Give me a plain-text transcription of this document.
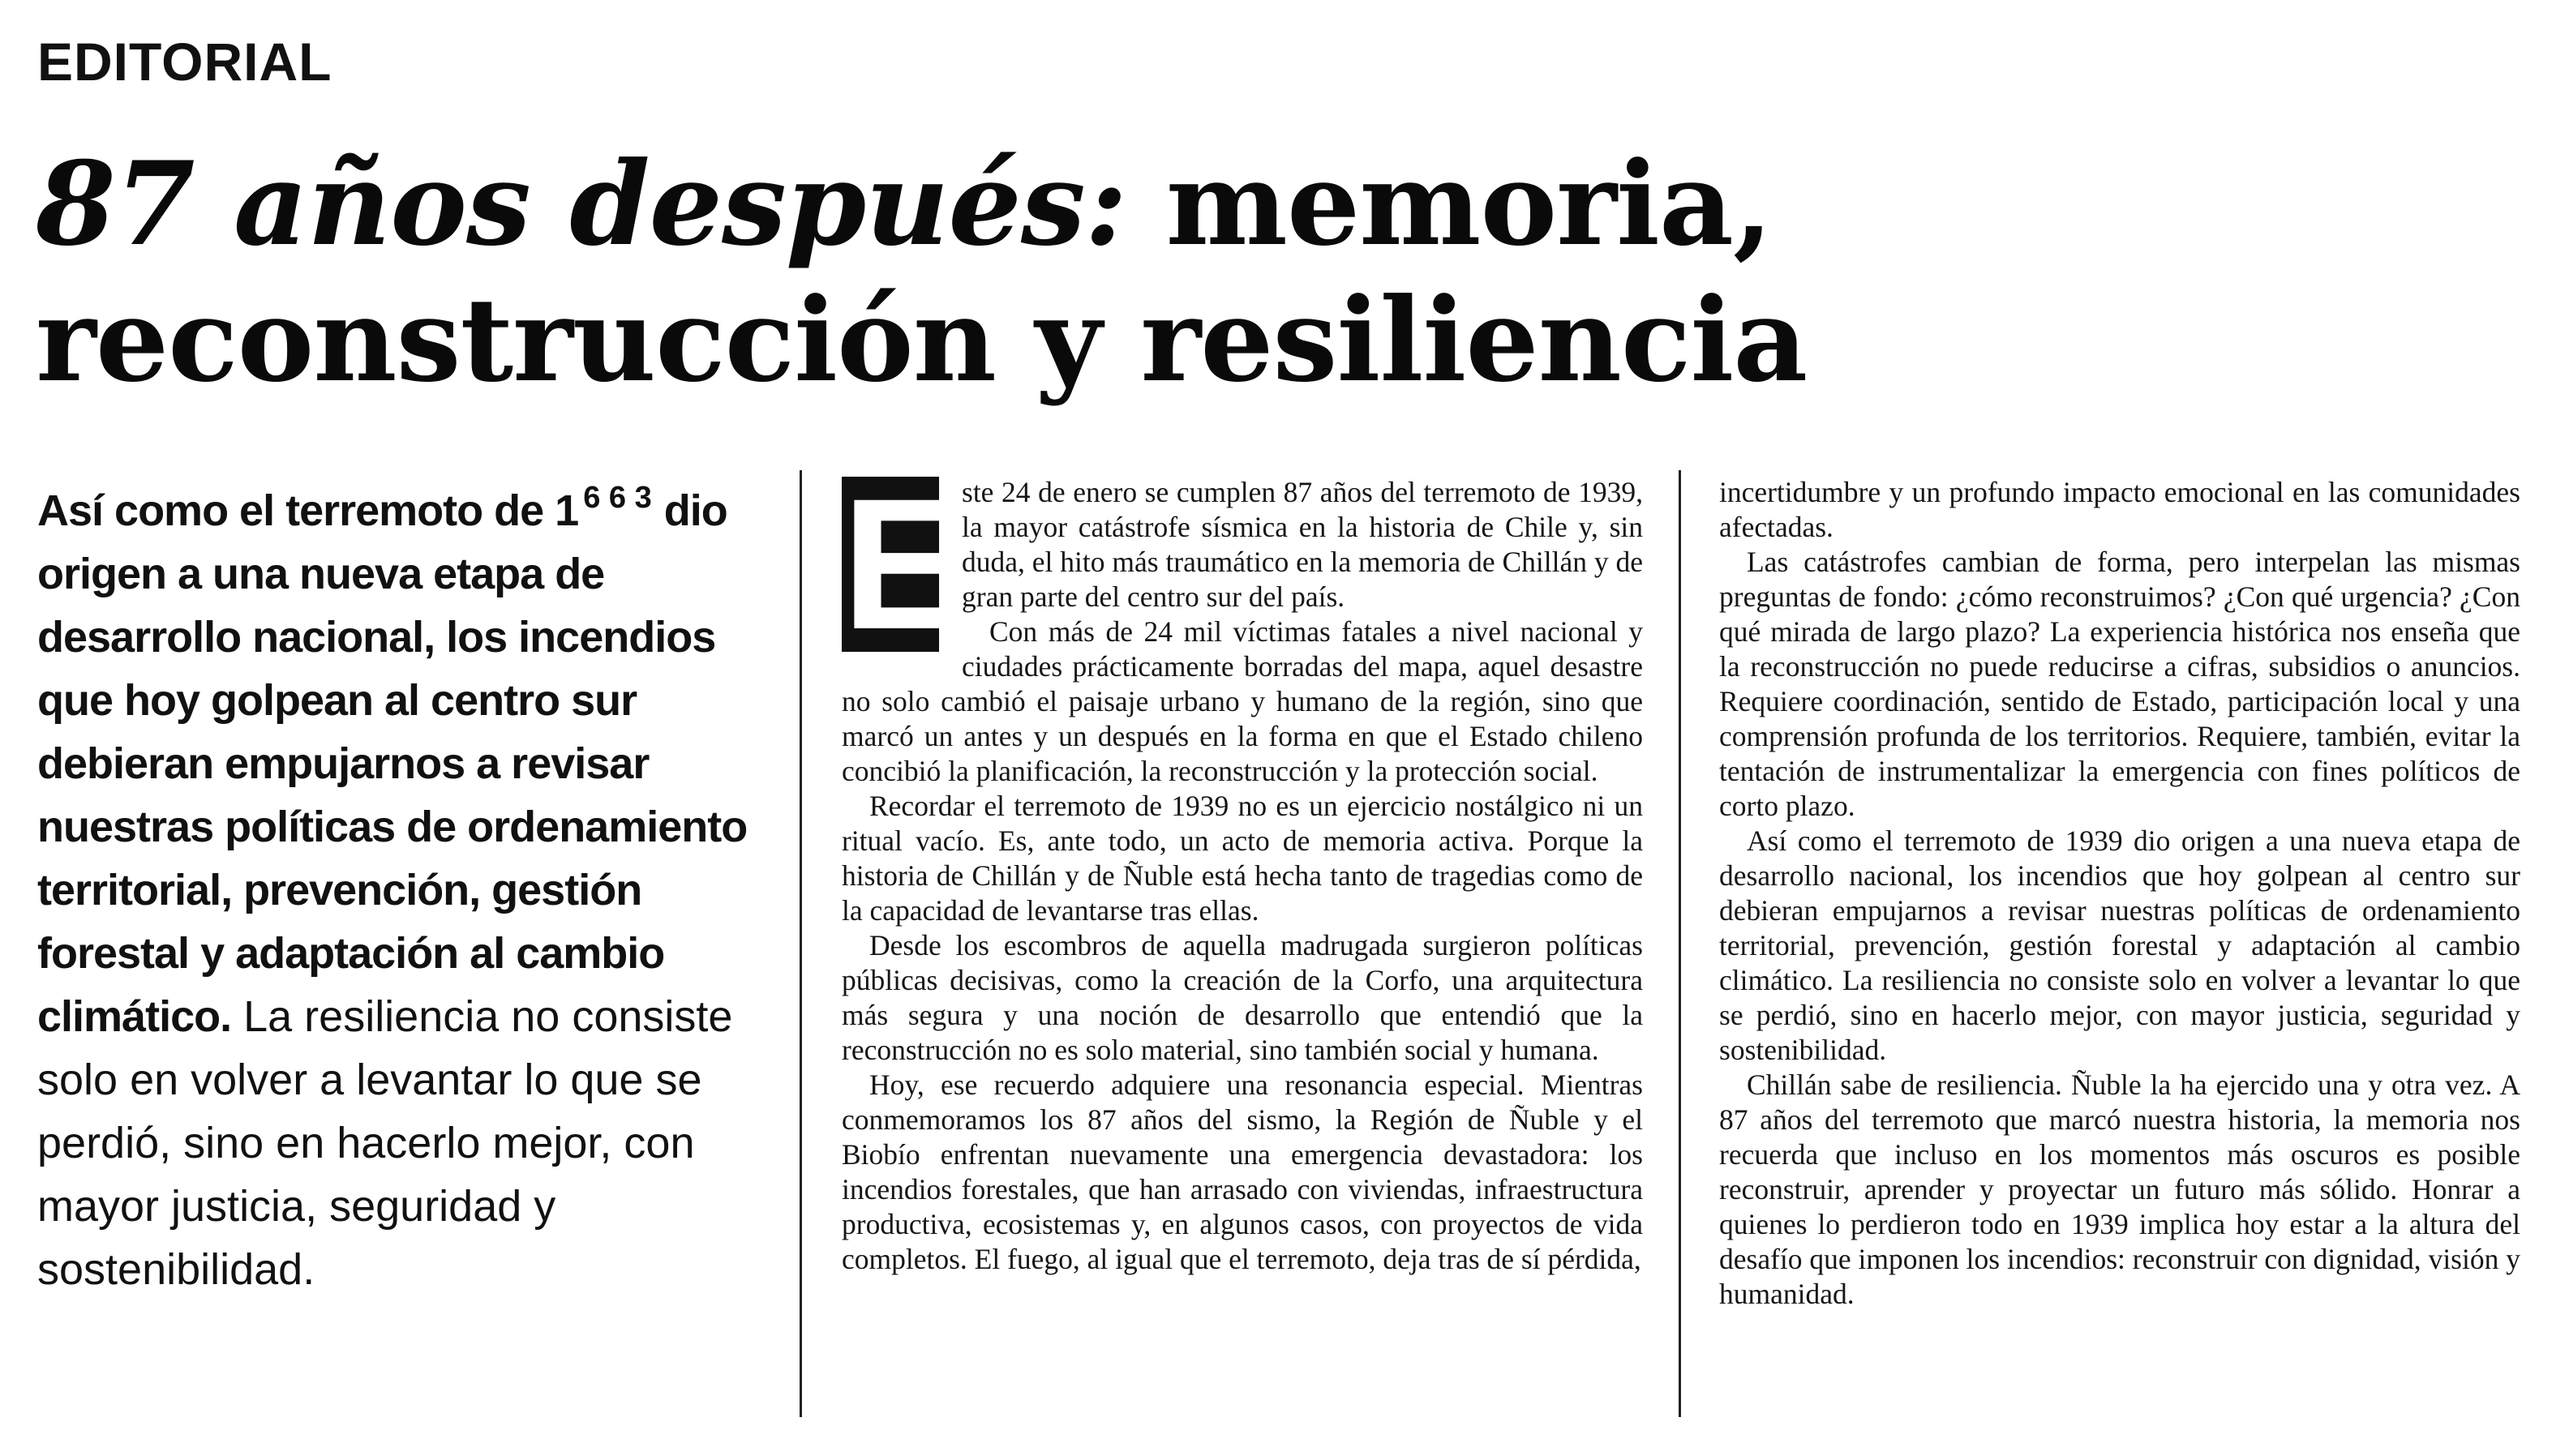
EDITORIAL
87 años después: memoria,
reconstrucción y resiliencia
Así como el terremoto de 1 $^{6 6 3}$ dio origen a una nueva etapa de desarrollo nacional, los incendios que hoy golpean al centro sur debieran empujarnos a revisar nuestras políticas de ordenamiento territorial, prevención, gestión forestal y adaptación al cambio climático. La resiliencia no consiste solo en volver a levantar lo que se perdió, sino en hacerlo mejor, con mayor justicia, seguridad y sostenibilidad.
E

ste 24 de enero se cumplen 87 años del terremoto de 1939, la mayor catástrofe sísmica en la historia de Chile y, sin duda, el hito más traumático en la memoria de Chillán y de gran parte del centro sur del país.

Con más de 24 mil víctimas fatales a nivel nacional y ciudades prácticamente borradas del mapa, aquel desastre no solo cambió el paisaje urbano y humano de la región, sino que marcó un antes y un después en la forma en que el Estado chileno concibió la planificación, la reconstrucción y la protección social.

Recordar el terremoto de 1939 no es un ejercicio nostálgico ni un ritual vacío. Es, ante todo, un acto de memoria activa. Porque la historia de Chillán y de Ñuble está hecha tanto de tragedias como de la capacidad de levantarse tras ellas.

Desde los escombros de aquella madrugada surgieron políticas públicas decisivas, como la creación de la Corfo, una arquitectura más segura y una noción de desarrollo que entendió que la reconstrucción no es solo material, sino también social y humana.

Hoy, ese recuerdo adquiere una resonancia especial. Mientras conmemoramos los 87 años del sismo, la Región de Ñuble y el Biobío enfrentan nuevamente una emergencia devastadora: los incendios forestales, que han arrasado con viviendas, infraestructura productiva, ecosistemas y, en algunos casos, con proyectos de vida completos. El fuego, al igual que el terremoto, deja tras de sí pérdida,

incertidumbre y un profundo impacto emocional en las comunidades afectadas.

Las catástrofes cambian de forma, pero interpelan las mismas preguntas de fondo: ¿cómo reconstruimos? ¿Con qué urgencia? ¿Con qué mirada de largo plazo? La experiencia histórica nos enseña que la reconstrucción no puede reducirse a cifras, subsidios o anuncios. Requiere coordinación, sentido de Estado, participación local y una comprensión profunda de los territorios. Requiere, también, evitar la tentación de instrumentalizar la emergencia con fines políticos de corto plazo.

Así como el terremoto de 1939 dio origen a una nueva etapa de desarrollo nacional, los incendios que hoy golpean al centro sur debieran empujarnos a revisar nuestras políticas de ordenamiento territorial, prevención, gestión forestal y adaptación al cambio climático. La resiliencia no consiste solo en volver a levantar lo que se perdió, sino en hacerlo mejor, con mayor justicia, seguridad y sostenibilidad.

Chillán sabe de resiliencia. Ñuble la ha ejercido una y otra vez. A 87 años del terremoto que marcó nuestra historia, la memoria nos recuerda que incluso en los momentos más oscuros es posible reconstruir, aprender y proyectar un futuro más sólido. Honrar a quienes lo perdieron todo en 1939 implica hoy estar a la altura del desafío que imponen los incendios: reconstruir con dignidad, visión y humanidad.
